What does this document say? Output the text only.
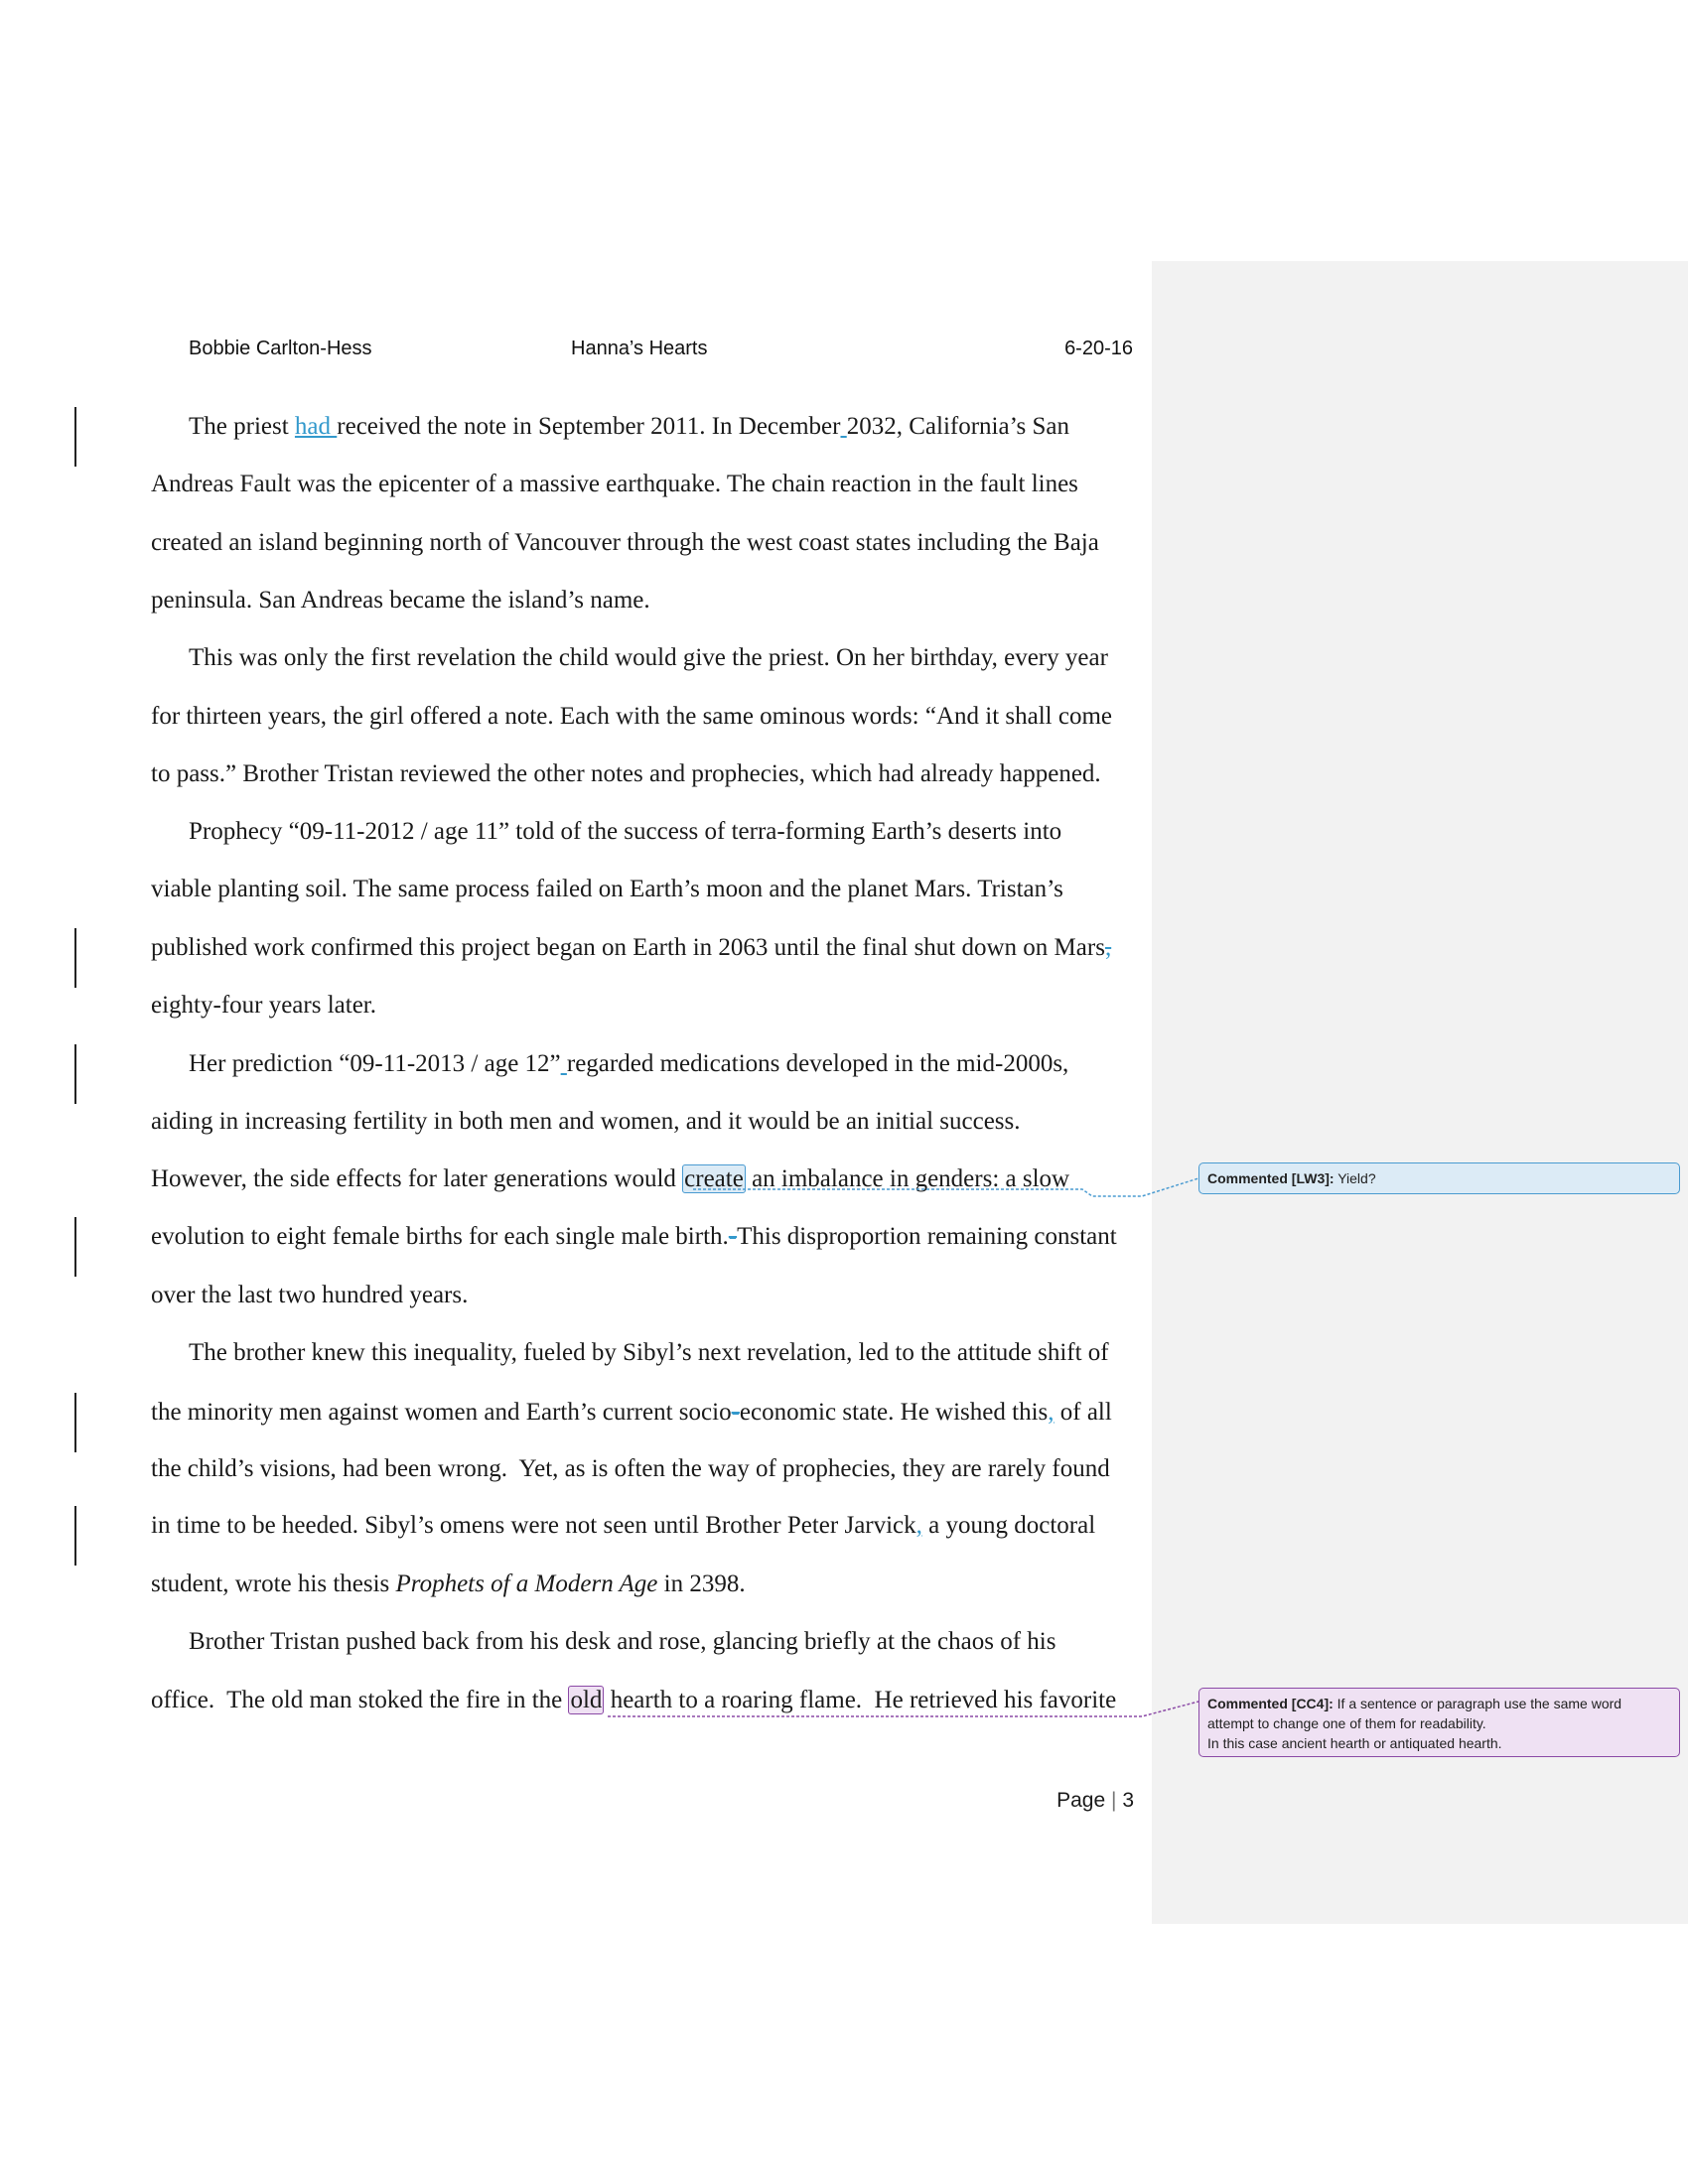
Bobbie Carlton-Hess	Hanna’s Hearts	6-20-16
The priest had received the note in September 2011. In December 2032, California’s San
Andreas Fault was the epicenter of a massive earthquake. The chain reaction in the fault lines
created an island beginning north of Vancouver through the west coast states including the Baja
peninsula. San Andreas became the island’s name.
This was only the first revelation the child would give the priest. On her birthday, every year
for thirteen years, the girl offered a note. Each with the same ominous words: “And it shall come
to pass.” Brother Tristan reviewed the other notes and prophecies, which had already happened.
Prophecy “09-11-2012 / age 11” told of the success of terra-forming Earth’s deserts into
viable planting soil. The same process failed on Earth’s moon and the planet Mars. Tristan’s
published work confirmed this project began on Earth in 2063 until the final shut down on Mars,
eighty-four years later.
Her prediction “09-11-2013 / age 12” regarded medications developed in the mid-2000s,
aiding in increasing fertility in both men and women, and it would be an initial success.
However, the side effects for later generations would create an imbalance in genders: a slow
evolution to eight female births for each single male birth.-This disproportion remaining constant
over the last two hundred years.
The brother knew this inequality, fueled by Sibyl’s next revelation, led to the attitude shift of
the minority men against women and Earth’s current socio-economic state. He wished this, of all
the child’s visions, had been wrong.  Yet, as is often the way of prophecies, they are rarely found
in time to be heeded. Sibyl’s omens were not seen until Brother Peter Jarvick, a young doctoral
student, wrote his thesis Prophets of a Modern Age in 2398.
Brother Tristan pushed back from his desk and rose, glancing briefly at the chaos of his
office.  The old man stoked the fire in the old hearth to a roaring flame.  He retrieved his favorite
Commented [LW3]: Yield?
Commented [CC4]: If a sentence or paragraph use the same word attempt to change one of them for readability.
In this case ancient hearth or antiquated hearth.
Page | 3
